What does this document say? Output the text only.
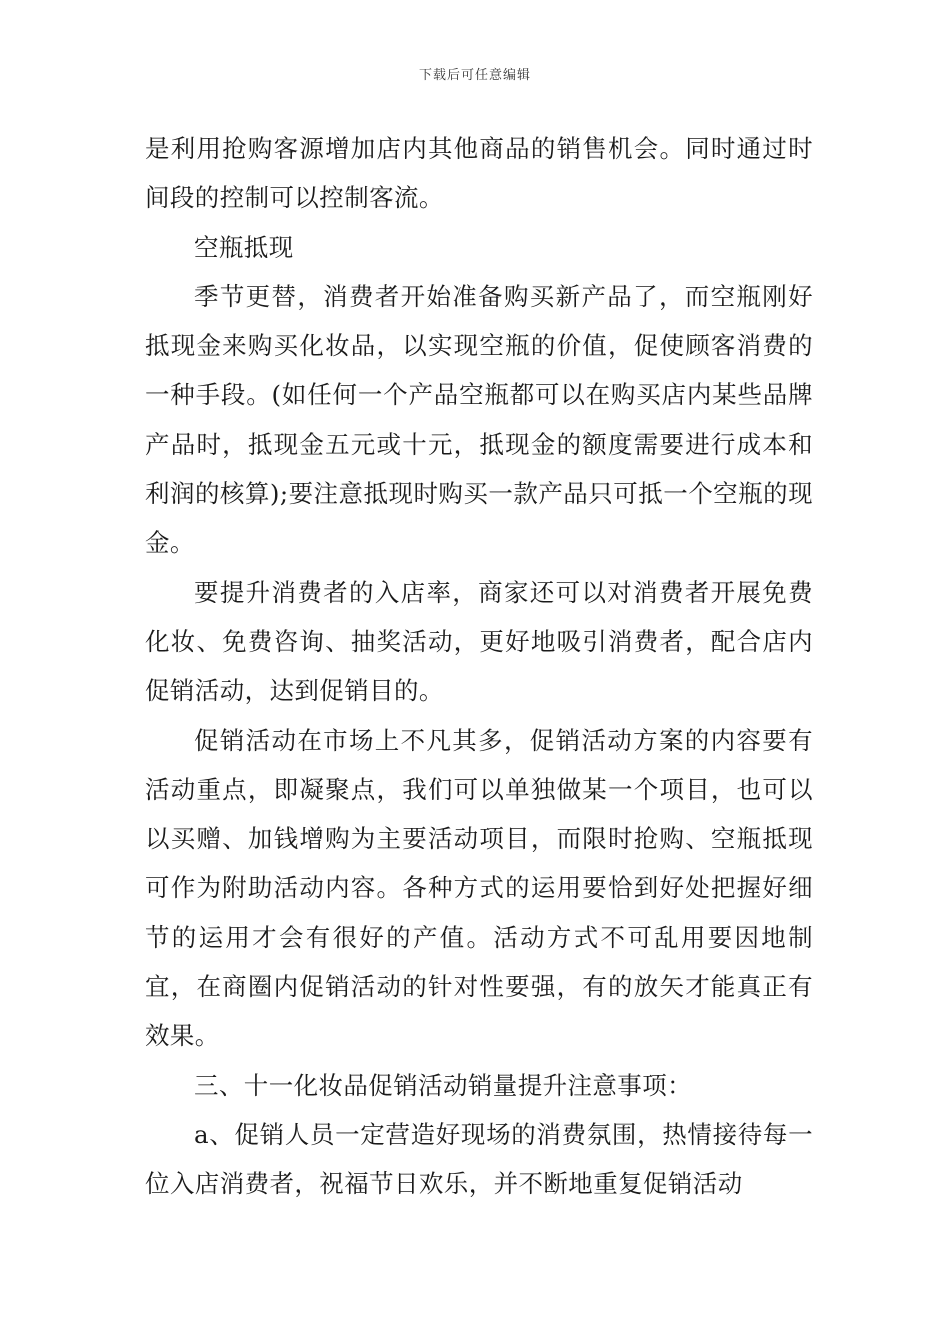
下载后可任意编辑

是利用抢购客源增加店内其他商品的销售机会。同时通过时间段的控制可以控制客流。

空瓶抵现

季节更替，消费者开始准备购买新产品了，而空瓶刚好抵现金来购买化妆品，以实现空瓶的价值，促使顾客消费的一种手段。(如任何一个产品空瓶都可以在购买店内某些品牌产品时，抵现金五元或十元，抵现金的额度需要进行成本和利润的核算);要注意抵现时购买一款产品只可抵一个空瓶的现金。

要提升消费者的入店率，商家还可以对消费者开展免费化妆、免费咨询、抽奖活动，更好地吸引消费者，配合店内促销活动，达到促销目的。

促销活动在市场上不凡其多，促销活动方案的内容要有活动重点，即凝聚点，我们可以单独做某一个项目，也可以以买赠、加钱增购为主要活动项目，而限时抢购、空瓶抵现可作为附助活动内容。各种方式的运用要恰到好处把握好细节的运用才会有很好的产值。活动方式不可乱用要因地制宜，在商圈内促销活动的针对性要强，有的放矢才能真正有效果。

三、十一化妆品促销活动销量提升注意事项：

a、促销人员一定营造好现场的消费氛围，热情接待每一位入店消费者，祝福节日欢乐，并不断地重复促销活动
